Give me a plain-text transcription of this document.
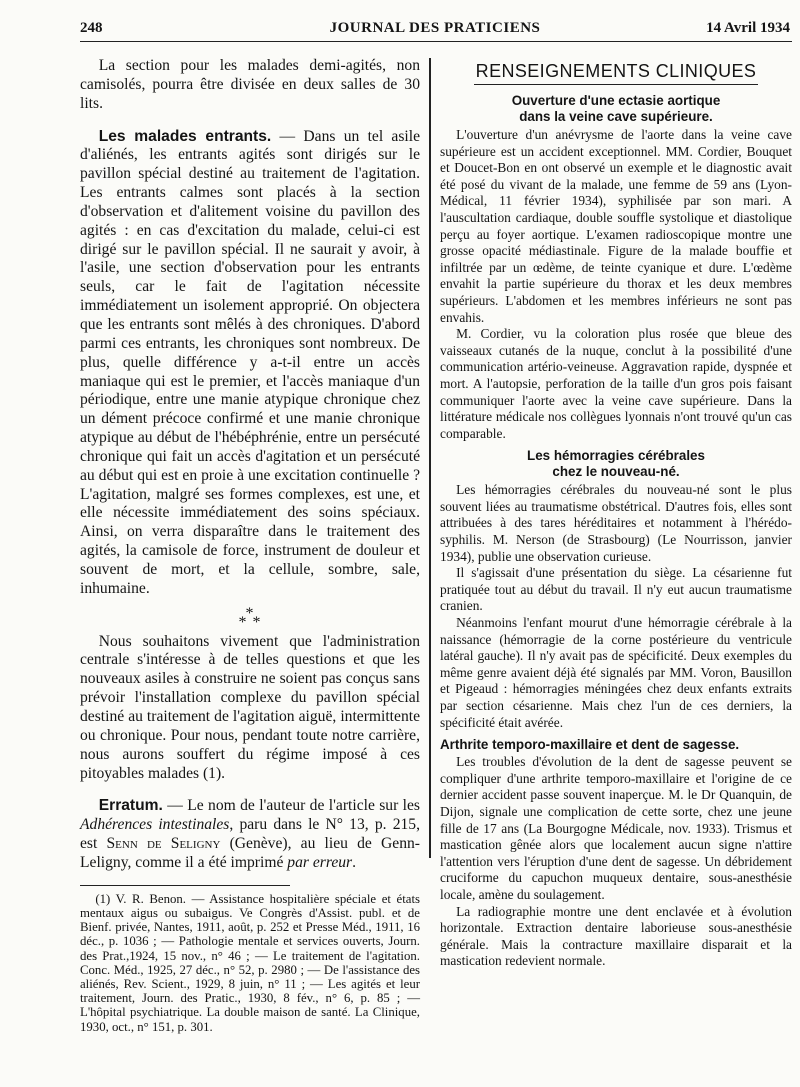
248	JOURNAL DES PRATICIENS	14 Avril 1934

La section pour les malades demi-agités, non camisolés, pourra être divisée en deux salles de 30 lits.

Les malades entrants. — Dans un tel asile d'aliénés, les entrants agités sont dirigés sur le pavillon spécial destiné au traitement de l'agitation. Les entrants calmes sont placés à la section d'observation et d'alitement voisine du pavillon des agités : en cas d'excitation du malade, celui-ci est dirigé sur le pavillon spécial. Il ne saurait y avoir, à l'asile, une section d'observation pour les entrants seuls, car le fait de l'agitation nécessite immédiatement un isolement approprié. On objectera que les entrants sont mêlés à des chroniques. D'abord parmi ces entrants, les chroniques sont nombreux. De plus, quelle différence y a-t-il entre un accès maniaque qui est le premier, et l'accès maniaque d'un périodique, entre une manie atypique chronique chez un dément précoce confirmé et une manie chronique atypique au début de l'hébéphrénie, entre un persécuté chronique qui fait un accès d'agitation et un persécuté au début qui est en proie à une excitation continuelle ? L'agitation, malgré ses formes complexes, est une, et elle nécessite immédiatement des soins spéciaux. Ainsi, on verra disparaître dans le traitement des agités, la camisole de force, instrument de douleur et souvent de mort, et la cellule, sombre, sale, inhumaine.

*
* *

Nous souhaitons vivement que l'administration centrale s'intéresse à de telles questions et que les nouveaux asiles à construire ne soient pas conçus sans prévoir l'installation complexe du pavillon spécial destiné au traitement de l'agitation aiguë, intermittente ou chronique. Pour nous, pendant toute notre carrière, nous aurons souffert du régime imposé à ces pitoyables malades (1).

Erratum. — Le nom de l'auteur de l'article sur les Adhérences intestinales, paru dans le N° 13, p. 215, est Senn de Seligny (Genève), au lieu de Genn-Leligny, comme il a été imprimé par erreur.

(1) V. R. Benon. — Assistance hospitalière spéciale et états mentaux aigus ou subaigus. Ve Congrès d'Assist. publ. et de Bienf. privée, Nantes, 1911, août, p. 252 et Presse Méd., 1911, 16 déc., p. 1036 ; — Pathologie mentale et services ouverts, Journ. des Prat.,1924, 15 nov., n° 46 ; — Le traitement de l'agitation. Conc. Méd., 1925, 27 déc., n° 52, p. 2980 ; — De l'assistance des aliénés, Rev. Scient., 1929, 8 juin, n° 11 ; — Les agités et leur traitement, Journ. des Pratic., 1930, 8 fév., n° 6, p. 85 ; — L'hôpital psychiatrique. La double maison de santé. La Clinique, 1930, oct., n° 151, p. 301.

RENSEIGNEMENTS CLINIQUES
Ouverture d'une ectasie aortique
dans la veine cave supérieure.

L'ouverture d'un anévrysme de l'aorte dans la veine cave supérieure est un accident exceptionnel. MM. Cordier, Bouquet et Doucet-Bon en ont observé un exemple et le diagnostic avait été posé du vivant de la malade, une femme de 59 ans (Lyon-Médical, 11 février 1934), syphilisée par son mari. A l'auscultation cardiaque, double souffle systolique et diastolique perçu au foyer aortique. L'examen radioscopique montre une grosse opacité médiastinale. Figure de la malade bouffie et infiltrée par un œdème, de teinte cyanique et dure. L'œdème envahit la partie supérieure du thorax et les deux membres supérieurs. L'abdomen et les membres inférieurs ne sont pas envahis.

M. Cordier, vu la coloration plus rosée que bleue des vaisseaux cutanés de la nuque, conclut à la possibilité d'une communication artério-veineuse. Aggravation rapide, dyspnée et mort. A l'autopsie, perforation de la taille d'un gros pois faisant communiquer l'aorte avec la veine cave supérieure. Dans la littérature médicale nos collègues lyonnais n'ont trouvé qu'un cas comparable.

Les hémorragies cérébrales
chez le nouveau-né.

Les hémorragies cérébrales du nouveau-né sont le plus souvent liées au traumatisme obstétrical. D'autres fois, elles sont attribuées à des tares héréditaires et notamment à l'hérédo-syphilis. M. Nerson (de Strasbourg) (Le Nourrisson, janvier 1934), publie une observation curieuse.

Il s'agissait d'une présentation du siège. La césarienne fut pratiquée tout au début du travail. Il n'y eut aucun traumatisme cranien.

Néanmoins l'enfant mourut d'une hémorragie cérébrale à la naissance (hémorragie de la corne postérieure du ventricule latéral gauche). Il n'y avait pas de spécificité. Deux exemples du même genre avaient déjà été signalés par MM. Voron, Bausillon et Pigeaud : hémorragies méningées chez deux enfants extraits par section césarienne. Mais chez l'un de ces derniers, la spécificité était avérée.

Arthrite temporo-maxillaire et dent de sagesse.

Les troubles d'évolution de la dent de sagesse peuvent se compliquer d'une arthrite temporo-maxillaire et l'origine de ce dernier accident passe souvent inaperçue. M. le Dr Quanquin, de Dijon, signale une complication de cette sorte, chez une jeune fille de 17 ans (La Bourgogne Médicale, nov. 1933). Trismus et mastication gênée alors que localement aucun signe n'attire l'attention vers l'éruption d'une dent de sagesse. Un débridement cruciforme du capuchon muqueux dentaire, sous-anesthésie locale, amène du soulagement.

La radiographie montre une dent enclavée et à évolution horizontale. Extraction dentaire laborieuse sous-anesthésie générale. Mais la contracture maxillaire disparait et la mastication redevient normale.
